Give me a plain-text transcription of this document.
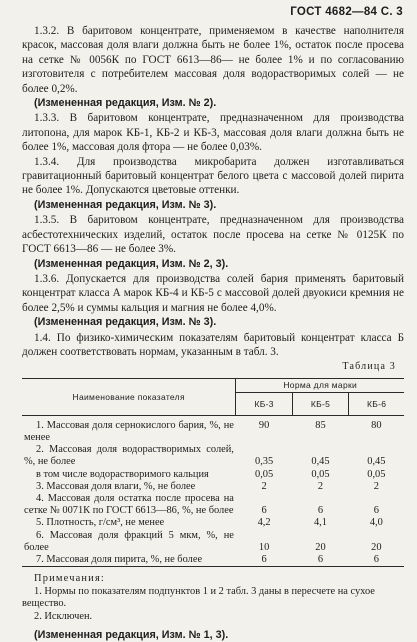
ГОСТ 4682—84 С. 3

1.3.2. В баритовом концентрате, применяемом в качестве наполнителя красок, массовая доля влаги должна быть не более 1%, остаток после просева на сетке № 0056К по ГОСТ 6613—86— не более 1% и по согласованию изготовителя с потребителем массовая доля водорастворимых солей — не более 0,2%.

(Измененная редакция, Изм. № 2).

1.3.3. В баритовом концентрате, предназначенном для производства литопона, для марок КБ-1, КБ-2 и КБ-3, массовая доля влаги должна быть не более 1%, массовая доля фтора — не более 0,03%.

1.3.4. Для производства микробарита должен изготавливаться гравитационный баритовый концентрат белого цвета с массовой долей пирита не более 1%. Допускаются цветовые оттенки.

(Измененная редакция, Изм. № 3).

1.3.5. В баритовом концентрате, предназначенном для производства асбестотехнических изделий, остаток после просева на сетке № 0125К по ГОСТ 6613—86 — не более 3%.

(Измененная редакция, Изм. № 2, 3).

1.3.6. Допускается для производства солей бария применять баритовый концентрат класса А марок КБ-4 и КБ-5 с массовой долей двуокиси кремния не более 2,5% и суммы кальция и магния не более 4,0%.

(Измененная редакция, Изм. № 3).

1.4. По физико-химическим показателям баритовый концентрат класса Б должен соответствовать нормам, указанным в табл. 3.

Таблица 3
Наименование показателя	Норма для марки		
	КБ-3	КБ-5	КБ-6
1. Массовая доля сернокислого бария, %, не менее	90	85	80
2. Массовая доля водорастворимых солей, %, не более	0,35	0,45	0,45
в том числе водорастворимого кальция	0,05	0,05	0,05
3. Массовая доля влаги, %, не более	2	2	2
4. Массовая доля остатка после просева на сетке № 0071К по ГОСТ 6613—86, %, не более	6	6	6
5. Плотность, г/см³, не менее	4,2	4,1	4,0
6. Массовая доля фракций 5 мкм, %, не более	10	20	20
7. Массовая доля пирита, %, не более	6	6	6
Примечания:
1. Нормы по показателям подпунктов 1 и 2 табл. 3 даны в пересчете на сухое вещество.
2. Исключен.
(Измененная редакция, Изм. № 1, 3).
